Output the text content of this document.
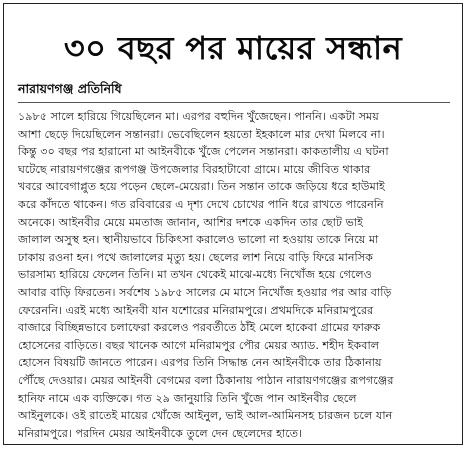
৩০ বছর পর মায়ের সন্ধান
নারায়ণগঞ্জ প্রতিনিধি
১৯৮৫ সালে হারিয়ে গিয়েছিলেন মা। এরপর বহুদিন খুঁজেছেন। পাননি। একটা সময়
আশা ছেড়ে দিয়েছিলেন সন্তানরা। ভেবেছিলেন হয়তো ইহকালে মার দেখা মিলবে না।
কিন্তু ৩০ বছর পর হারানো মা আইনবীকে খুঁজে পেলেন সন্তানরা। কাকতালীয় এ ঘটনা
ঘটেছে নারায়ণগঞ্জের রূপগঞ্জ উপজেলার বিরহাটাবো গ্রামে। মায়ে জীবিত থাকার
খবরে আবেগাপ্লুত হয়ে পড়েন ছেলে-মেয়েরা। তিন সন্তান তাকে জড়িয়ে ধরে হাউমাই
করে কাঁদতে থাকেন। গত রবিবারের এ দৃশ্য দেখে চোখের পানি ধরে রাখতে পারেননি
অনেকে। আইনবীর মেয়ে মমতাজ জানান, আশির দশকে একদিন তার ছোট ভাই
জালাল অসুস্থ হন। স্থানীয়ভাবে চিকিৎসা করালেও ভালো না হওয়ায় তাকে নিয়ে মা
ঢাকায় রওনা হন। পথে জালালের মৃত্যু হয়। ছেলের লাশ নিয়ে বাড়ি ফিরে মানসিক
ভারসাম্য হারিয়ে ফেলেন তিনি। মা তখন থেকেই মাঝে-মধ্যে নিখোঁজ হয়ে গেলেও
আবার বাড়ি ফিরতেন। সর্বশেষ ১৯৮৫ সালের মে মাসে নিখোঁজ হওয়ার পর আর বাড়ি
ফেরেননি। এরই মধ্যে আইনবী যান যশোরের মনিরামপুরে। প্রথমদিকে মনিরামপুরের
বাজারে বিচ্ছিন্নভাবে চলাফেরা করলেও পরবর্তীতে ঠাঁই মেলে হাকেবা গ্রামের ফারুক
হোসেনের বাড়িতে। বছর খানেক আগে মনিরামপুর পৌর মেয়র অ্যাড. শহীদ ইকবাল
হোসেন বিষয়টি জানতে পারেন। এরপর তিনি সিদ্ধান্ত নেন আইনবীকে তার ঠিকানায়
পৌঁছে দেওয়ার। মেয়র আইনবী বেগমের বলা ঠিকানায় পাঠান নারায়ণগঞ্জের রূপগঞ্জের
হানিফ নামে এক ব্যক্তিকে। গত ২৯ জানুয়ারি তিনি খুঁজে পান আইনবীর ছেলে
আইনুলকে। ওই রাতেই মায়ের খোঁজে আইনুল, ভাই আল-আমিনসহ চারজন চলে যান
মনিরামপুরে। পরদিন মেয়র আইনবীকে তুলে দেন ছেলেদের হাতে।
